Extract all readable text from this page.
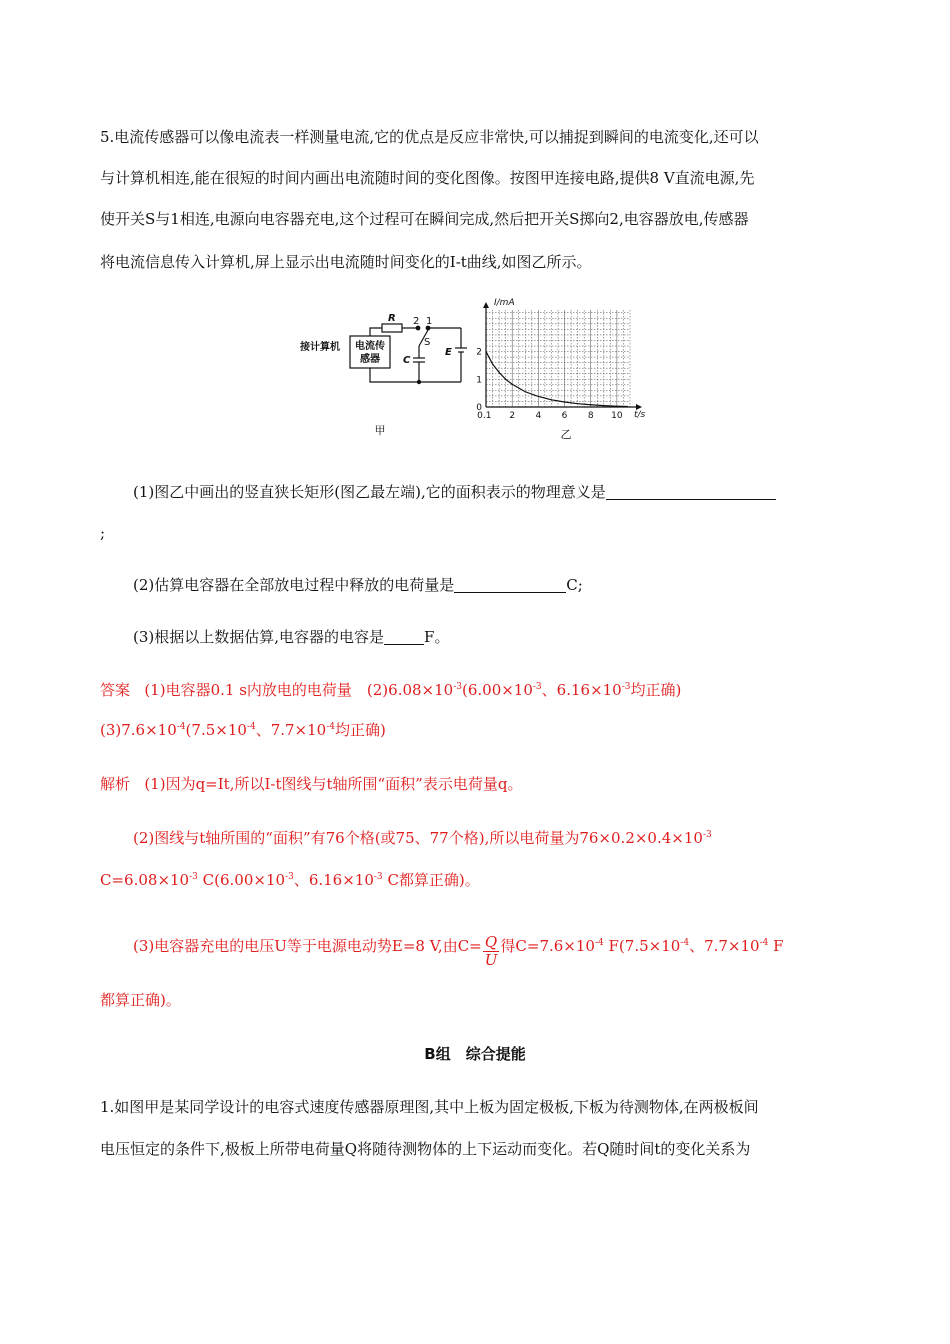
5.电流传感器可以像电流表一样测量电流,它的优点是反应非常快,可以捕捉到瞬间的电流变化,还可以
与计算机相连,能在很短的时间内画出电流随时间的变化图像。按图甲连接电路,提供8 V直流电源,先
使开关S与1相连,电源向电容器充电,这个过程可在瞬间完成,然后把开关S掷向2,电容器放电,传感器
将电流信息传入计算机,屏上显示出电流随时间变化的I-t曲线,如图乙所示。
接计算机 电流传
感器
R 2 1
S
C
E
甲
0.1 2 4 6 8 10
0
1
2
I/mA
t/s
乙
(1)图乙中画出的竖直狭长矩形(图乙最左端),它的面积表示的物理意义是
;
(2)估算电容器在全部放电过程中释放的电荷量是	C;
(3)根据以上数据估算,电容器的电容是	F。
答案 (1)电容器0.1 s内放电的电荷量　$(2)6.08\times 10^{-3}(6.00\times 10^{-3}$、$6.16\times 10^{-3}$均正确)
$(3)7.6\times 10^{-4}(7.5\times 10^{-4}$、$7.7\times 10^{-4}$均正确)
解析 (1)因为q=It,所以I-t图线与t轴所围“面积”表示电荷量q。
(2)图线与t轴所围的“面积”有76个格(或75、77个格),所以电荷量为$76\times 0.2\times 0.4\times 10^{-3}$
$C=6.08\times 10^{-3}$ $C(6.00\times 10^{-3}$、$6.16\times 10^{-3}$ C都算正确)。
(3)电容器充电的电压U等于电源电动势E=8 V,由$C= \frac{Q}{U}$ 得$C=7.6\times 10^{-4}$ $F(7.5\times 10^{-4}$、$7.7\times 10^{-4}$ F
都算正确)。
B组　综合提能
1.如图甲是某同学设计的电容式速度传感器原理图,其中上板为固定极板,下板为待测物体,在两极板间
电压恒定的条件下,极板上所带电荷量Q将随待测物体的上下运动而变化。若Q随时间t的变化关系为
